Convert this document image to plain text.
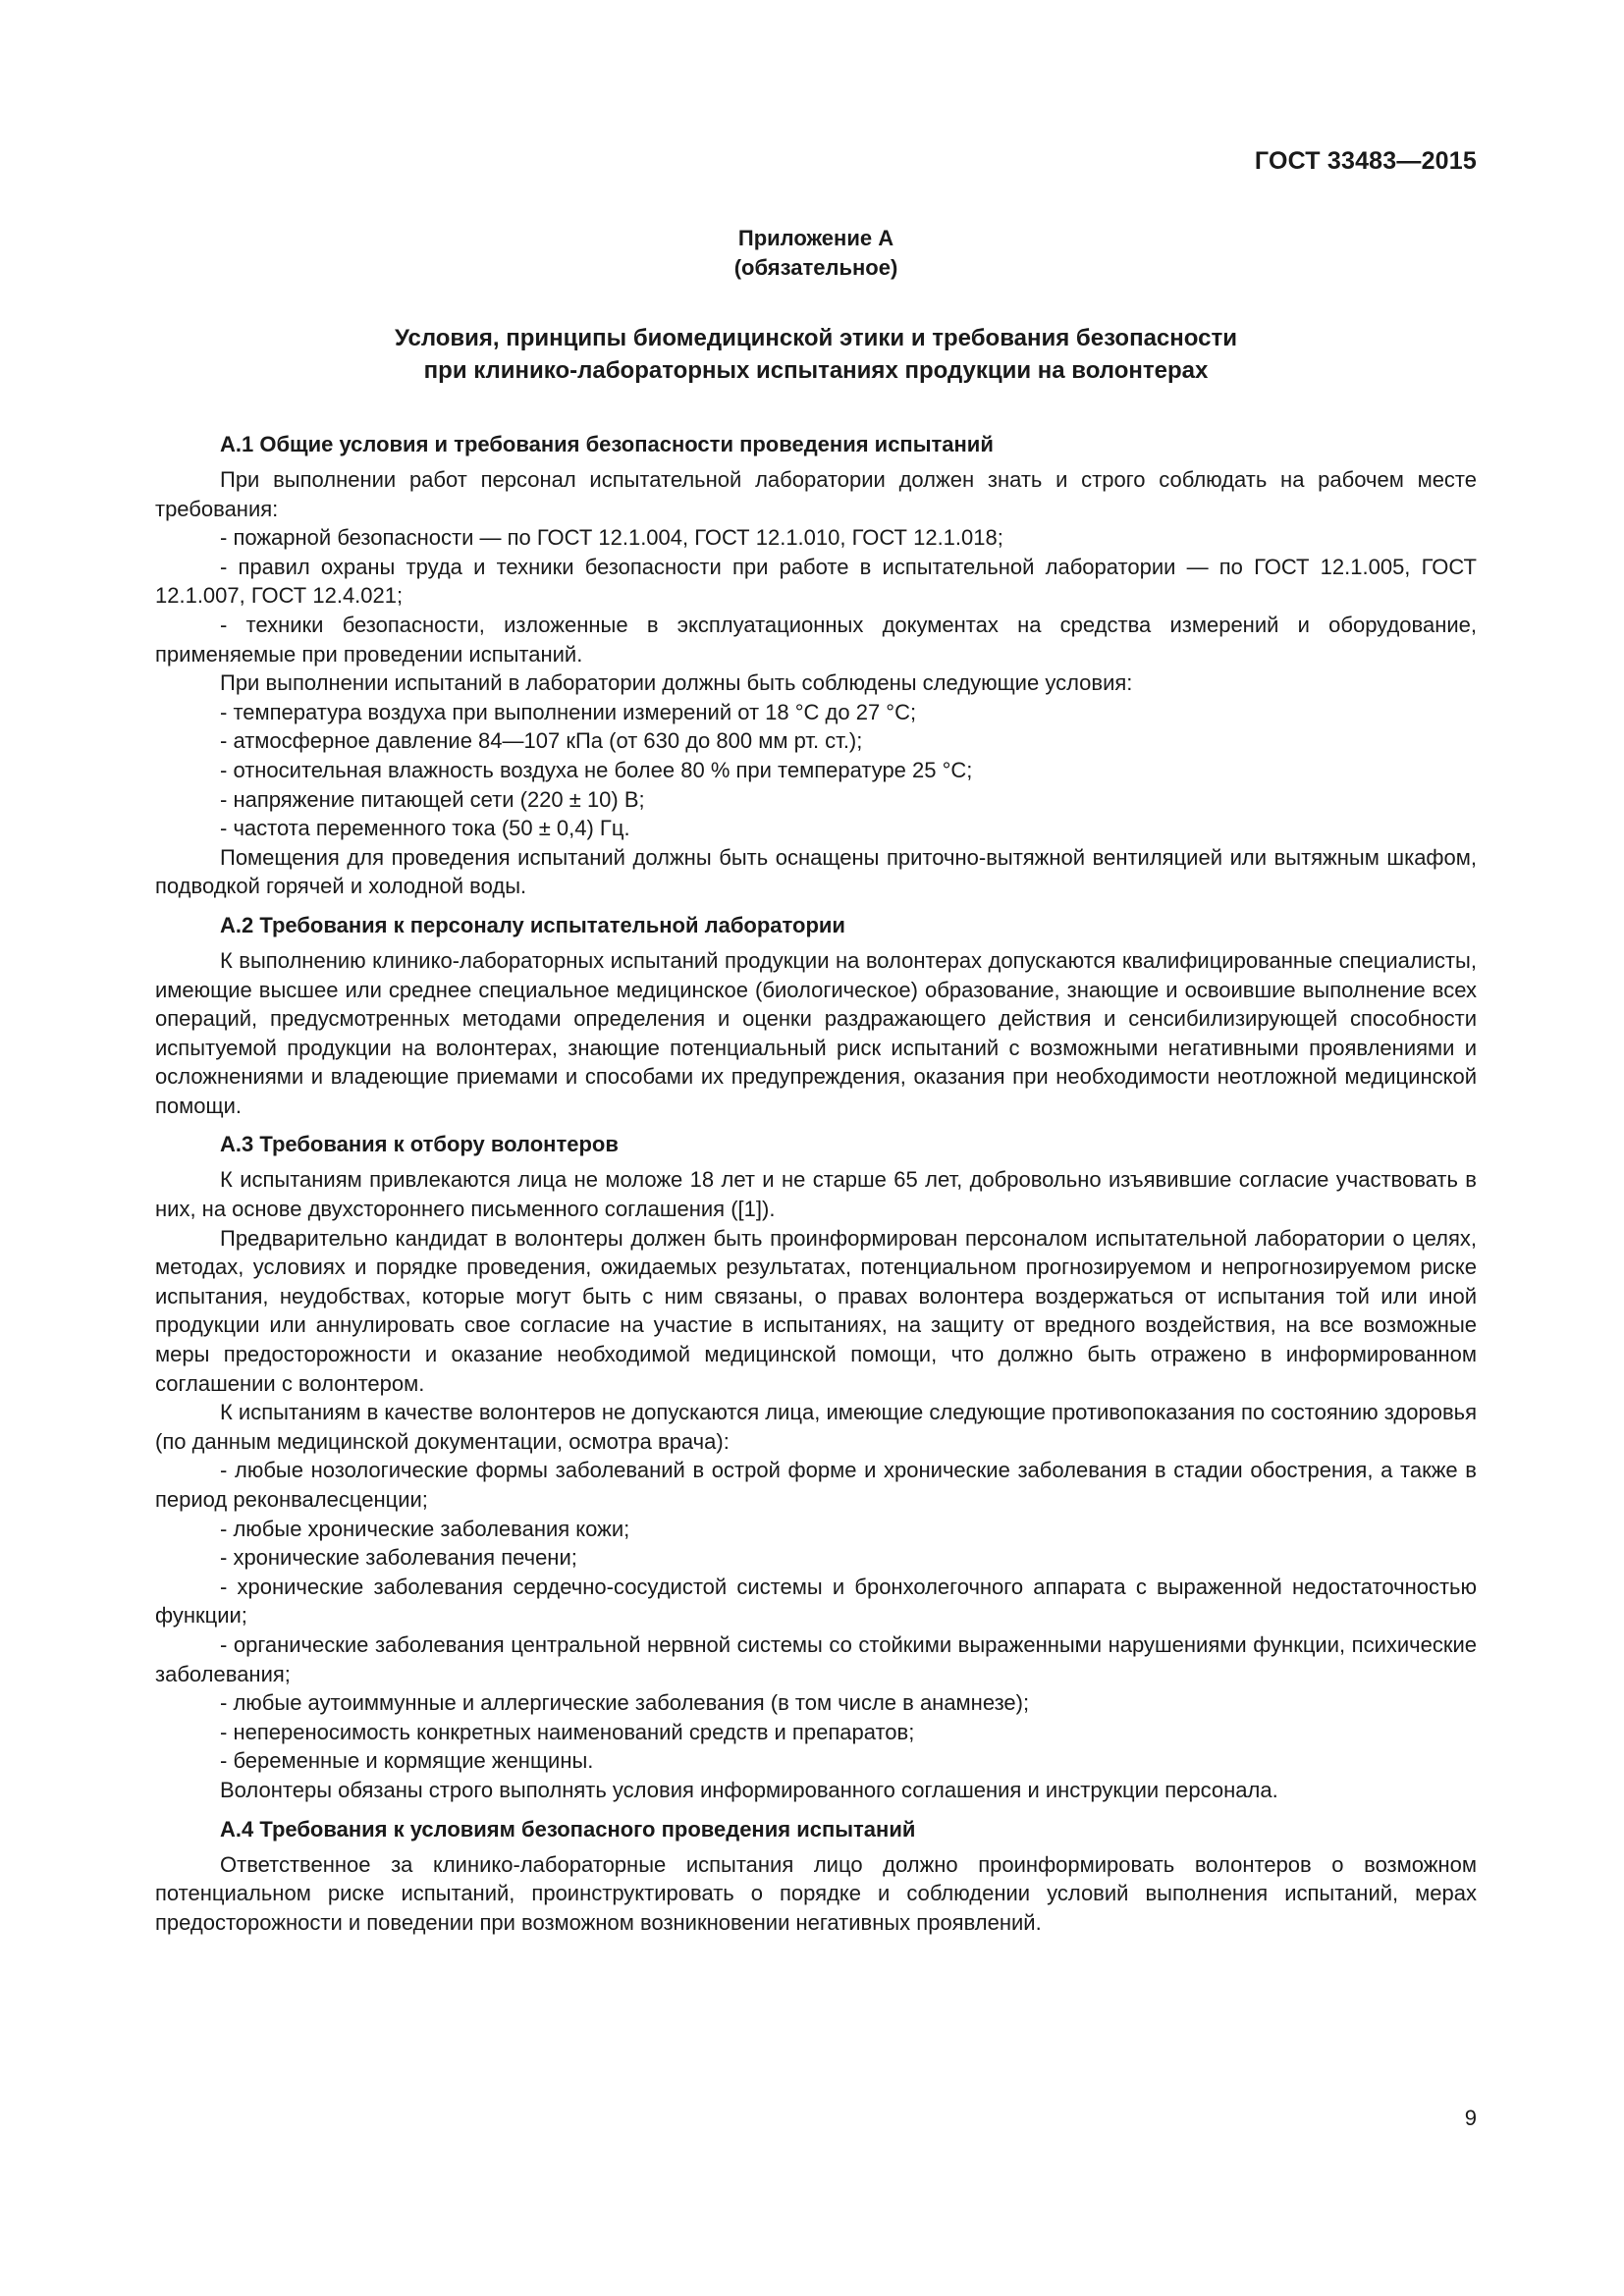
ГОСТ 33483—2015
Приложение А
(обязательное)
Условия, принципы биомедицинской этики и требования безопасности
при клинико-лабораторных испытаниях продукции на волонтерах
А.1 Общие условия и требования безопасности проведения испытаний

При выполнении работ персонал испытательной лаборатории должен знать и строго соблюдать на рабочем месте требования:

- пожарной безопасности — по ГОСТ 12.1.004, ГОСТ 12.1.010, ГОСТ 12.1.018;

- правил охраны труда и техники безопасности при работе в испытательной лаборатории — по ГОСТ 12.1.005, ГОСТ 12.1.007, ГОСТ 12.4.021;

- техники безопасности, изложенные в эксплуатационных документах на средства измерений и оборудование, применяемые при проведении испытаний.

При выполнении испытаний в лаборатории должны быть соблюдены следующие условия:

- температура воздуха при выполнении измерений от 18 °С до 27 °С;

- атмосферное давление 84—107 кПа (от 630 до 800 мм рт. ст.);

- относительная влажность воздуха не более 80 % при температуре 25 °С;

- напряжение питающей сети (220 ± 10) В;

- частота переменного тока (50 ± 0,4) Гц.

Помещения для проведения испытаний должны быть оснащены приточно-вытяжной вентиляцией или вытяжным шкафом, подводкой горячей и холодной воды.

А.2 Требования к персоналу испытательной лаборатории

К выполнению клинико-лабораторных испытаний продукции на волонтерах допускаются квалифицированные специалисты, имеющие высшее или среднее специальное медицинское (биологическое) образование, знающие и освоившие выполнение всех операций, предусмотренных методами определения и оценки раздражающего действия и сенсибилизирующей способности испытуемой продукции на волонтерах, знающие потенциальный риск испытаний с возможными негативными проявлениями и осложнениями и владеющие приемами и способами их предупреждения, оказания при необходимости неотложной медицинской помощи.

А.3 Требования к отбору волонтеров

К испытаниям привлекаются лица не моложе 18 лет и не старше 65 лет, добровольно изъявившие согласие участвовать в них, на основе двухстороннего письменного соглашения ([1]).

Предварительно кандидат в волонтеры должен быть проинформирован персоналом испытательной лаборатории о целях, методах, условиях и порядке проведения, ожидаемых результатах, потенциальном прогнозируемом и непрогнозируемом риске испытания, неудобствах, которые могут быть с ним связаны, о правах волонтера воздержаться от испытания той или иной продукции или аннулировать свое согласие на участие в испытаниях, на защиту от вредного воздействия, на все возможные меры предосторожности и оказание необходимой медицинской помощи, что должно быть отражено в информированном соглашении с волонтером.

К испытаниям в качестве волонтеров не допускаются лица, имеющие следующие противопоказания по состоянию здоровья (по данным медицинской документации, осмотра врача):

- любые нозологические формы заболеваний в острой форме и хронические заболевания в стадии обострения, а также в период реконвалесценции;

- любые хронические заболевания кожи;

- хронические заболевания печени;

- хронические заболевания сердечно-сосудистой системы и бронхолегочного аппарата с выраженной недостаточностью функции;

- органические заболевания центральной нервной системы со стойкими выраженными нарушениями функции, психические заболевания;

- любые аутоиммунные и аллергические заболевания (в том числе в анамнезе);

- непереносимость конкретных наименований средств и препаратов;

- беременные и кормящие женщины.

Волонтеры обязаны строго выполнять условия информированного соглашения и инструкции персонала.

А.4 Требования к условиям безопасного проведения испытаний

Ответственное за клинико-лабораторные испытания лицо должно проинформировать волонтеров о возможном потенциальном риске испытаний, проинструктировать о порядке и соблюдении условий выполнения испытаний, мерах предосторожности и поведении при возможном возникновении негативных проявлений.

9
